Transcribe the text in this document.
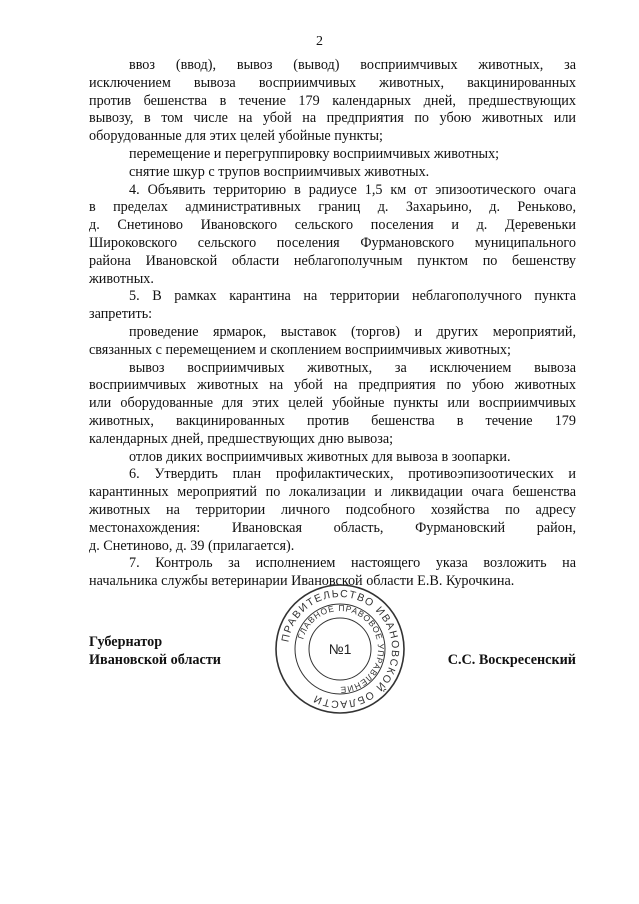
2
ввоз (ввод), вывоз (вывод) восприимчивых животных, за
исключением вывоза восприимчивых животных, вакцинированных
против бешенства в течение 179 календарных дней, предшествующих
вывозу, в том числе на убой на предприятия по убою животных или
оборудованные для этих целей убойные пункты;
перемещение и перегруппировку восприимчивых животных;
снятие шкур с трупов восприимчивых животных.
4. Объявить территорию в радиусе 1,5 км от эпизоотического очага
в пределах административных границ д. Захарьино, д. Реньково,
д. Снетиново Ивановского сельского поселения и д. Деревеньки
Широковского сельского поселения Фурмановского муниципального
района Ивановской области неблагополучным пунктом по бешенству
животных.
5. В рамках карантина на территории неблагополучного пункта
запретить:
проведение ярмарок, выставок (торгов) и других мероприятий,
связанных с перемещением и скоплением восприимчивых животных;
вывоз восприимчивых животных, за исключением вывоза
восприимчивых животных на убой на предприятия по убою животных
или оборудованные для этих целей убойные пункты или восприимчивых
животных, вакцинированных против бешенства в течение 179
календарных дней, предшествующих дню вывоза;
отлов диких восприимчивых животных для вывоза в зоопарки.
6. Утвердить план профилактических, противоэпизоотических и
карантинных мероприятий по локализации и ликвидации очага бешенства
животных на территории личного подсобного хозяйства по адресу
местонахождения: Ивановская область, Фурмановский район,
д. Снетиново, д. 39 (прилагается).
7. Контроль за исполнением настоящего указа возложить на
начальника службы ветеринарии Ивановской области Е.В. Курочкина.
ПРАВИТЕЛЬСТВО ИВАНОВСКОЙ ОБЛАСТИ
ГЛАВНОЕ ПРАВОВОЕ УПРАВЛЕНИЕ
№1
Губернатор
Ивановской области	С.С. Воскресенский
